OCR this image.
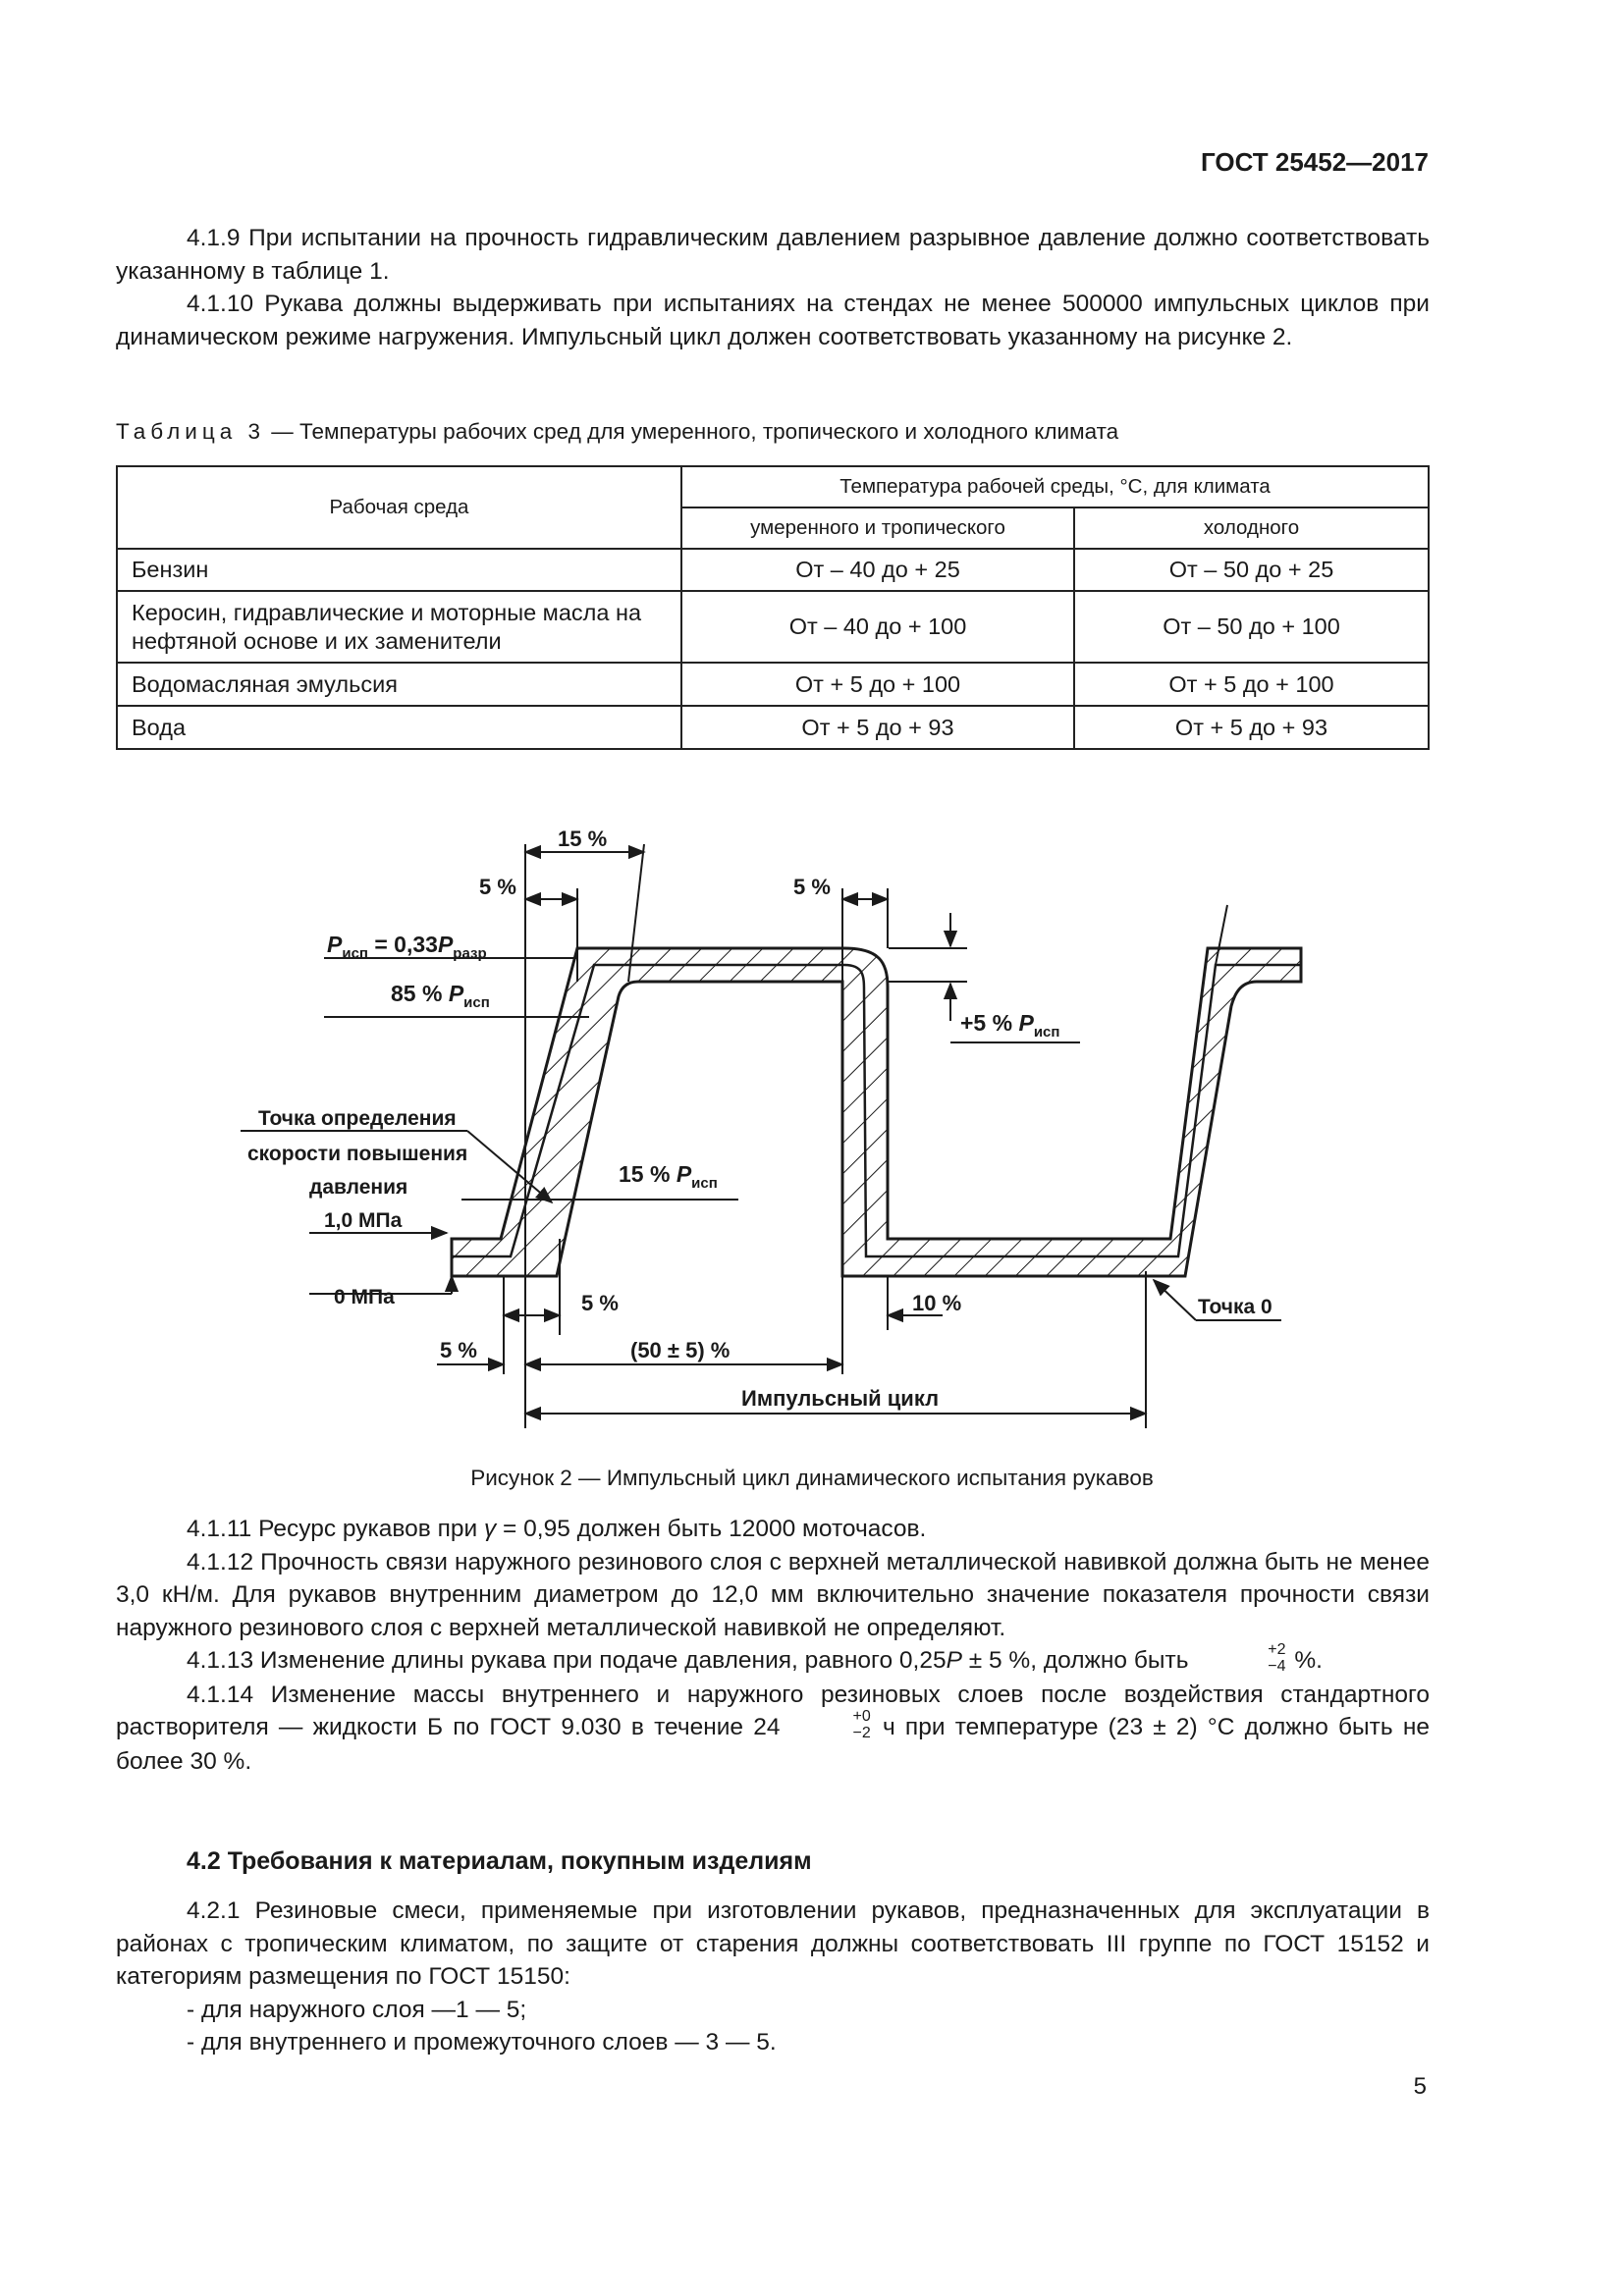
ГОСТ 25452—2017

4.1.9 При испытании на прочность гидравлическим давлением разрывное давление должно соответствовать указанному в таблице 1.

4.1.10 Рукава должны выдерживать при испытаниях на стендах не менее 500000 импульсных циклов при динамическом режиме нагружения. Импульсный цикл должен соответствовать указанному на рисунке 2.

Таблица 3 — Температуры рабочих сред для умеренного, тропического и холодного климата
Рабочая среда	Температура рабочей среды, °C, для климата	
	умеренного и тропического	холодного
Бензин	От – 40 до + 25	От – 50 до + 25
Керосин, гидравлические и моторные масла на нефтяной основе и их заменители	От – 40 до + 100	От – 50 до + 100
Водомасляная эмульсия	От + 5 до + 100	От + 5 до + 100
Вода	От + 5 до + 93	От + 5 до + 93
$P_{исп} = 0,33P_{разр}$
85 % $P_{исп}$
15 % $P_{исп}$
+5 % $P_{исп}$
15 %
5 %	5 %
5 %	10 %
5 %	(50 ± 5) %
Импульсный цикл
Точка определения
скорости повышения
давления
1,0 МПа
0 МПа	Точка 0
Рисунок 2 — Импульсный цикл динамического испытания рукавов

4.1.11 Ресурс рукавов при γ = 0,95 должен быть 12000 моточасов.

4.1.12 Прочность связи наружного резинового слоя с верхней металлической навивкой должна быть не менее 3,0 кН/м. Для рукавов внутренним диаметром до 12,0 мм включительно значение показателя прочности связи наружного резинового слоя с верхней металлической навивкой не определяют.

4.1.13 Изменение длины рукава при подаче давления, равного 0,25P ± 5 %, должно быть	+2
−4 %.

4.1.14 Изменение массы внутреннего и наружного резиновых слоев после воздействия стандартного растворителя — жидкости Б по ГОСТ 9.030 в течение 24	+0
−2 ч при температуре (23 ± 2) °С должно быть не более 30 %.

4.2 Требования к материалам, покупным изделиям

4.2.1 Резиновые смеси, применяемые при изготовлении рукавов, предназначенных для эксплуатации в районах с тропическим климатом, по защите от старения должны соответствовать III группе по ГОСТ 15152 и категориям размещения по ГОСТ 15150:

- для наружного слоя —1 — 5;

- для внутреннего и промежуточного слоев — 3 — 5.

5
